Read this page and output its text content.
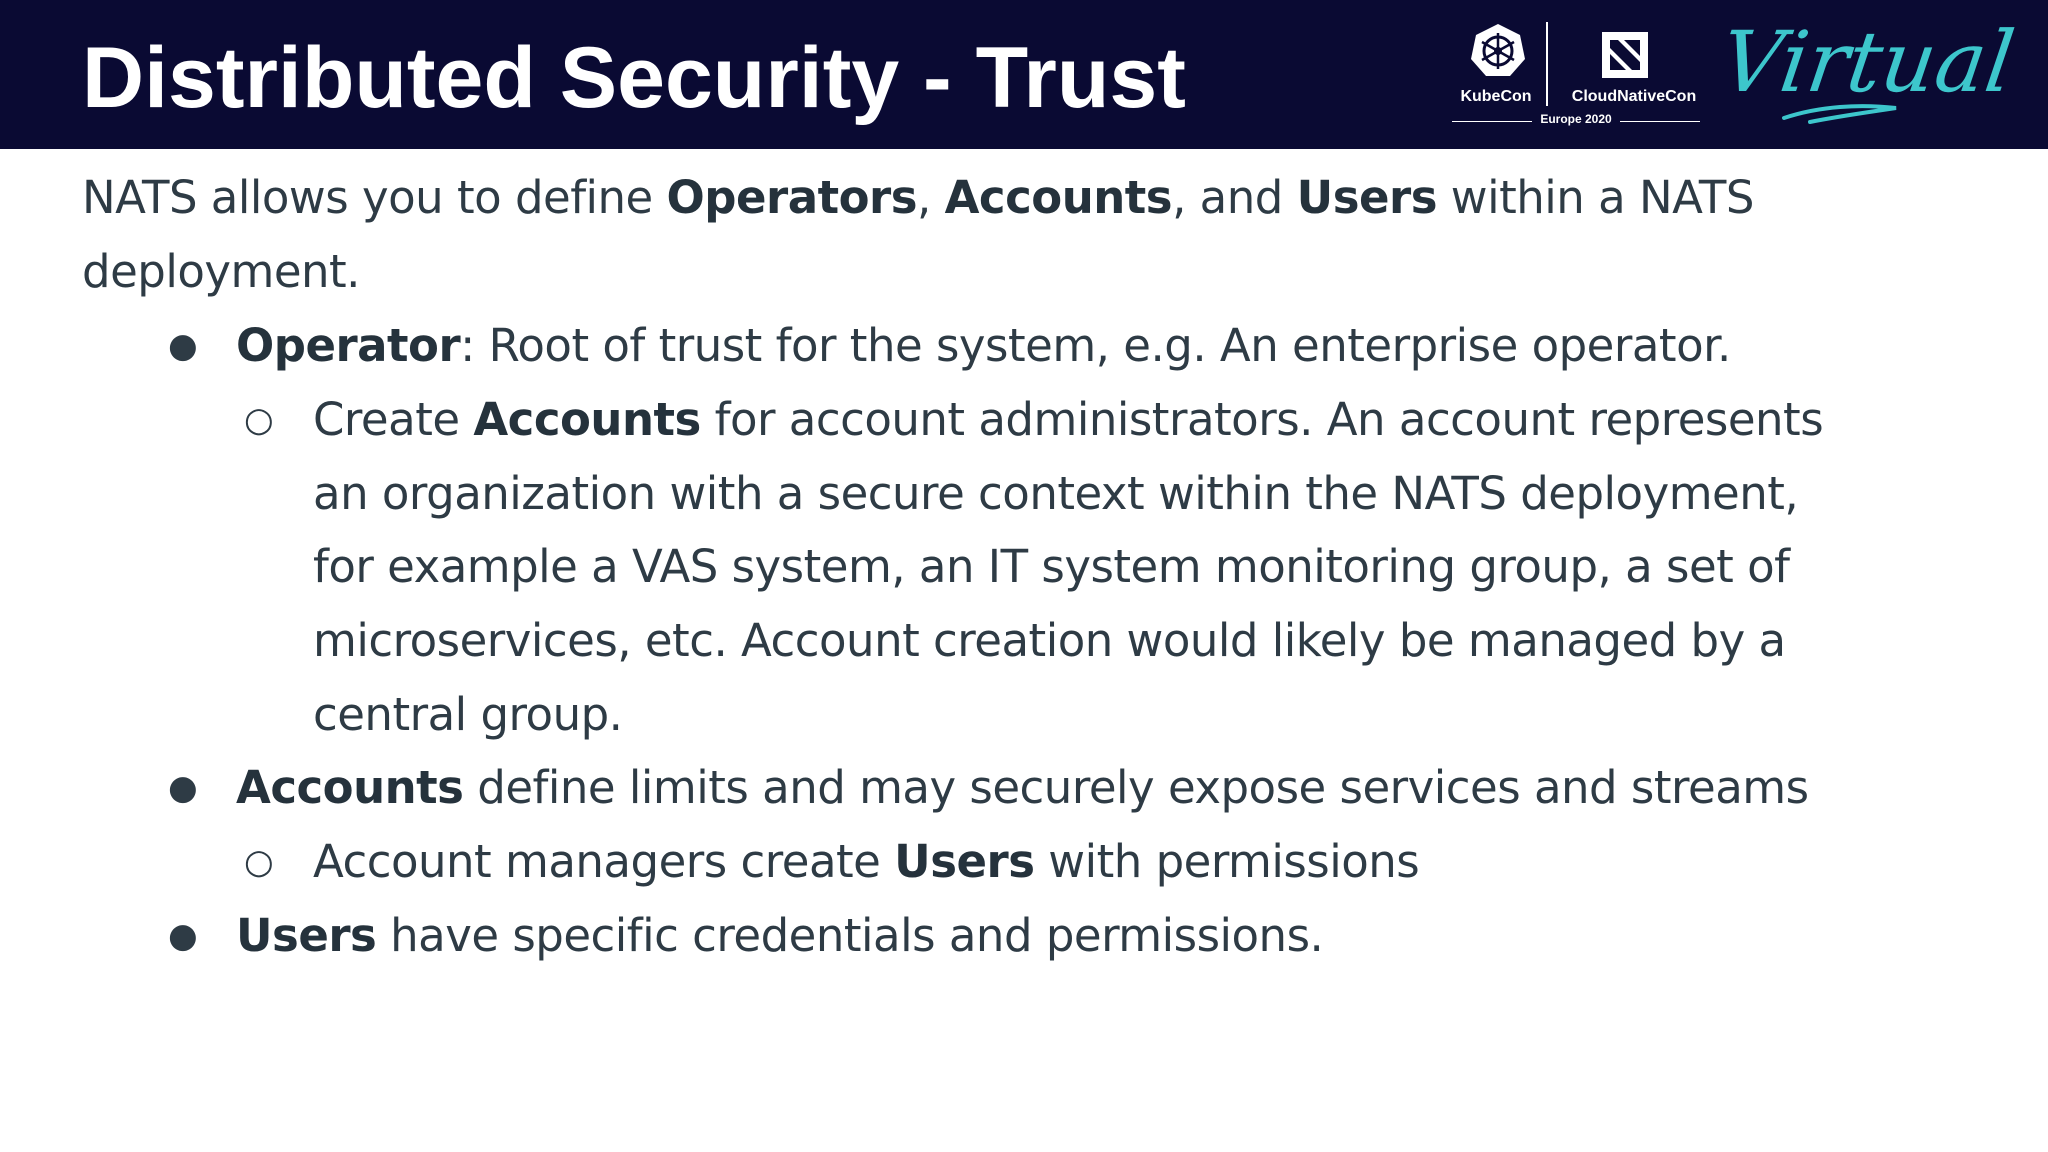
Distributed Security - Trust	KubeCon	CloudNativeCon
Europe 2020
Virtual
NATS allows you to define Operators, Accounts, and Users within a NATS
deployment.
● Operator: Root of trust for the system, e.g. An enterprise operator.
○ Create Accounts for account administrators. An account represents
an organization with a secure context within the NATS deployment,
for example a VAS system, an IT system monitoring group, a set of
microservices, etc. Account creation would likely be managed by a
central group.
● Accounts define limits and may securely expose services and streams
○ Account managers create Users with permissions
● Users have specific credentials and permissions.
